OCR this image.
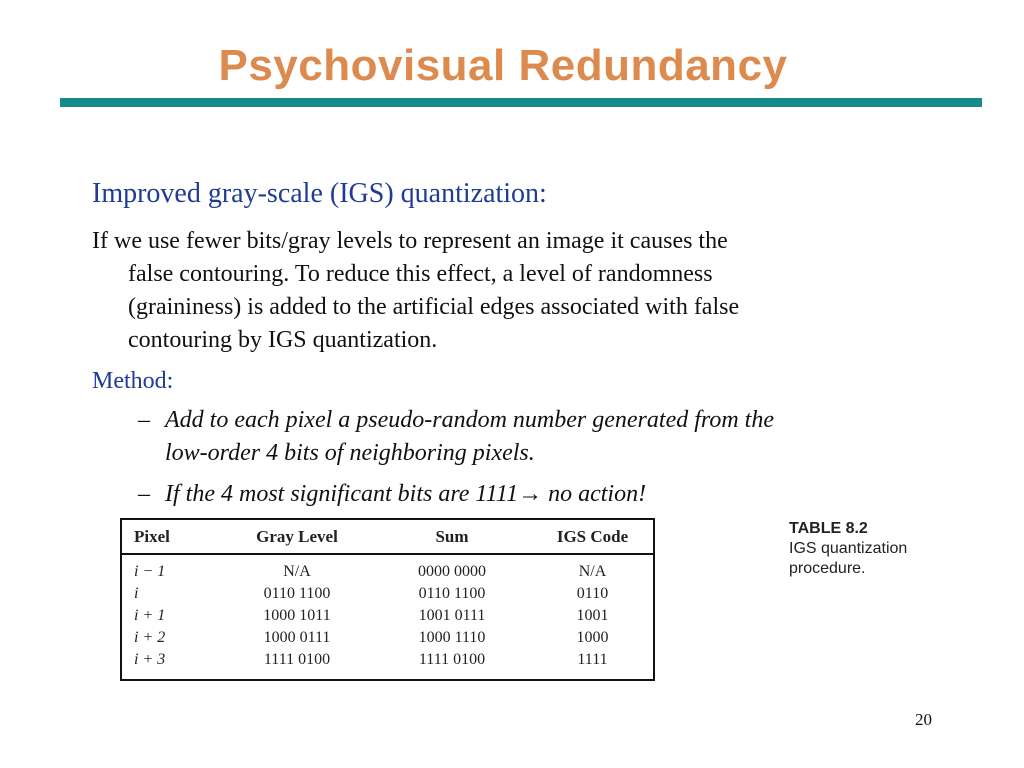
Psychovisual Redundancy
Improved gray-scale (IGS) quantization:

If we use fewer bits/gray levels to represent an image it causes the
false contouring. To reduce this effect, a level of randomness
(graininess) is added to the artificial edges associated with false
contouring by IGS quantization.

Method:
– Add to each pixel a pseudo-random number generated from the
low-order 4 bits of neighboring pixels.
– If the 4 most significant bits are 1111→ no action!
Pixel	Gray Level	Sum	IGS Code
i − 1	N/A	0000 0000	N/A
i	0110 1100	0110 1100	0110
i + 1	1000 1011	1001 0111	1001
i + 2	1000 0111	1000 1110	1000
i + 3	1111 0100	1111 0100	1111
TABLE 8.2
IGS quantization procedure.
20
